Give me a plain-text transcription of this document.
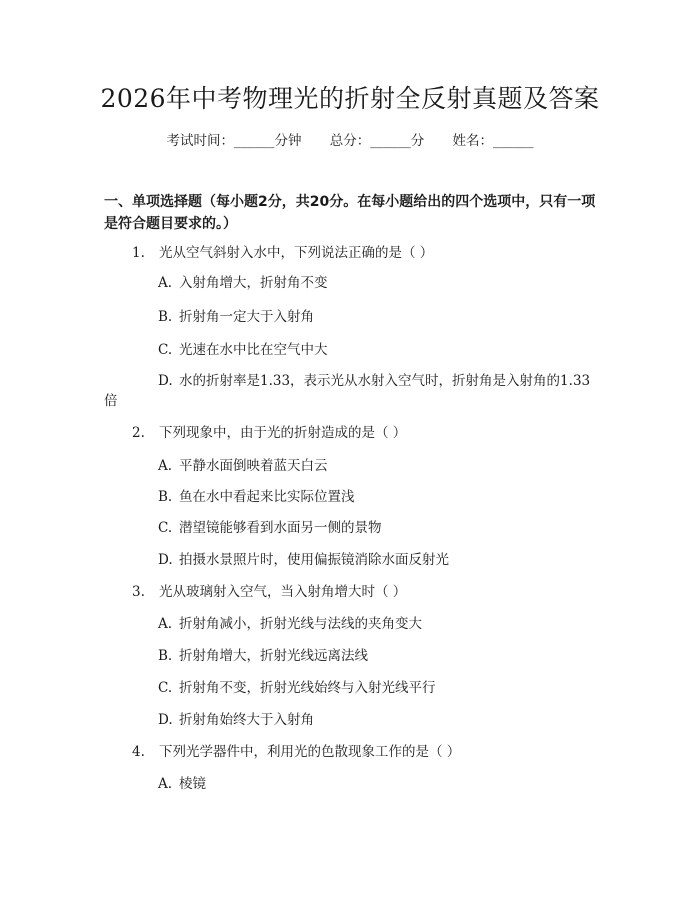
2026年中考物理光的折射全反射真题及答案
考试时间：______分钟 总分：______分 姓名：______
一、单项选择题（每小题2分，共20分。在每小题给出的四个选项中，只有一项
是符合题目要求的。）
1. 光从空气斜射入水中，下列说法正确的是（ ）
A. 入射角增大，折射角不变
B. 折射角一定大于入射角
C. 光速在水中比在空气中大
D. 水的折射率是1.33，表示光从水射入空气时，折射角是入射角的1.33
倍
2. 下列现象中，由于光的折射造成的是（ ）
A. 平静水面倒映着蓝天白云
B. 鱼在水中看起来比实际位置浅
C. 潜望镜能够看到水面另一侧的景物
D. 拍摄水景照片时，使用偏振镜消除水面反射光
3. 光从玻璃射入空气，当入射角增大时（ ）
A. 折射角减小，折射光线与法线的夹角变大
B. 折射角增大，折射光线远离法线
C. 折射角不变，折射光线始终与入射光线平行
D. 折射角始终大于入射角
4. 下列光学器件中，利用光的色散现象工作的是（ ）
A. 棱镜
